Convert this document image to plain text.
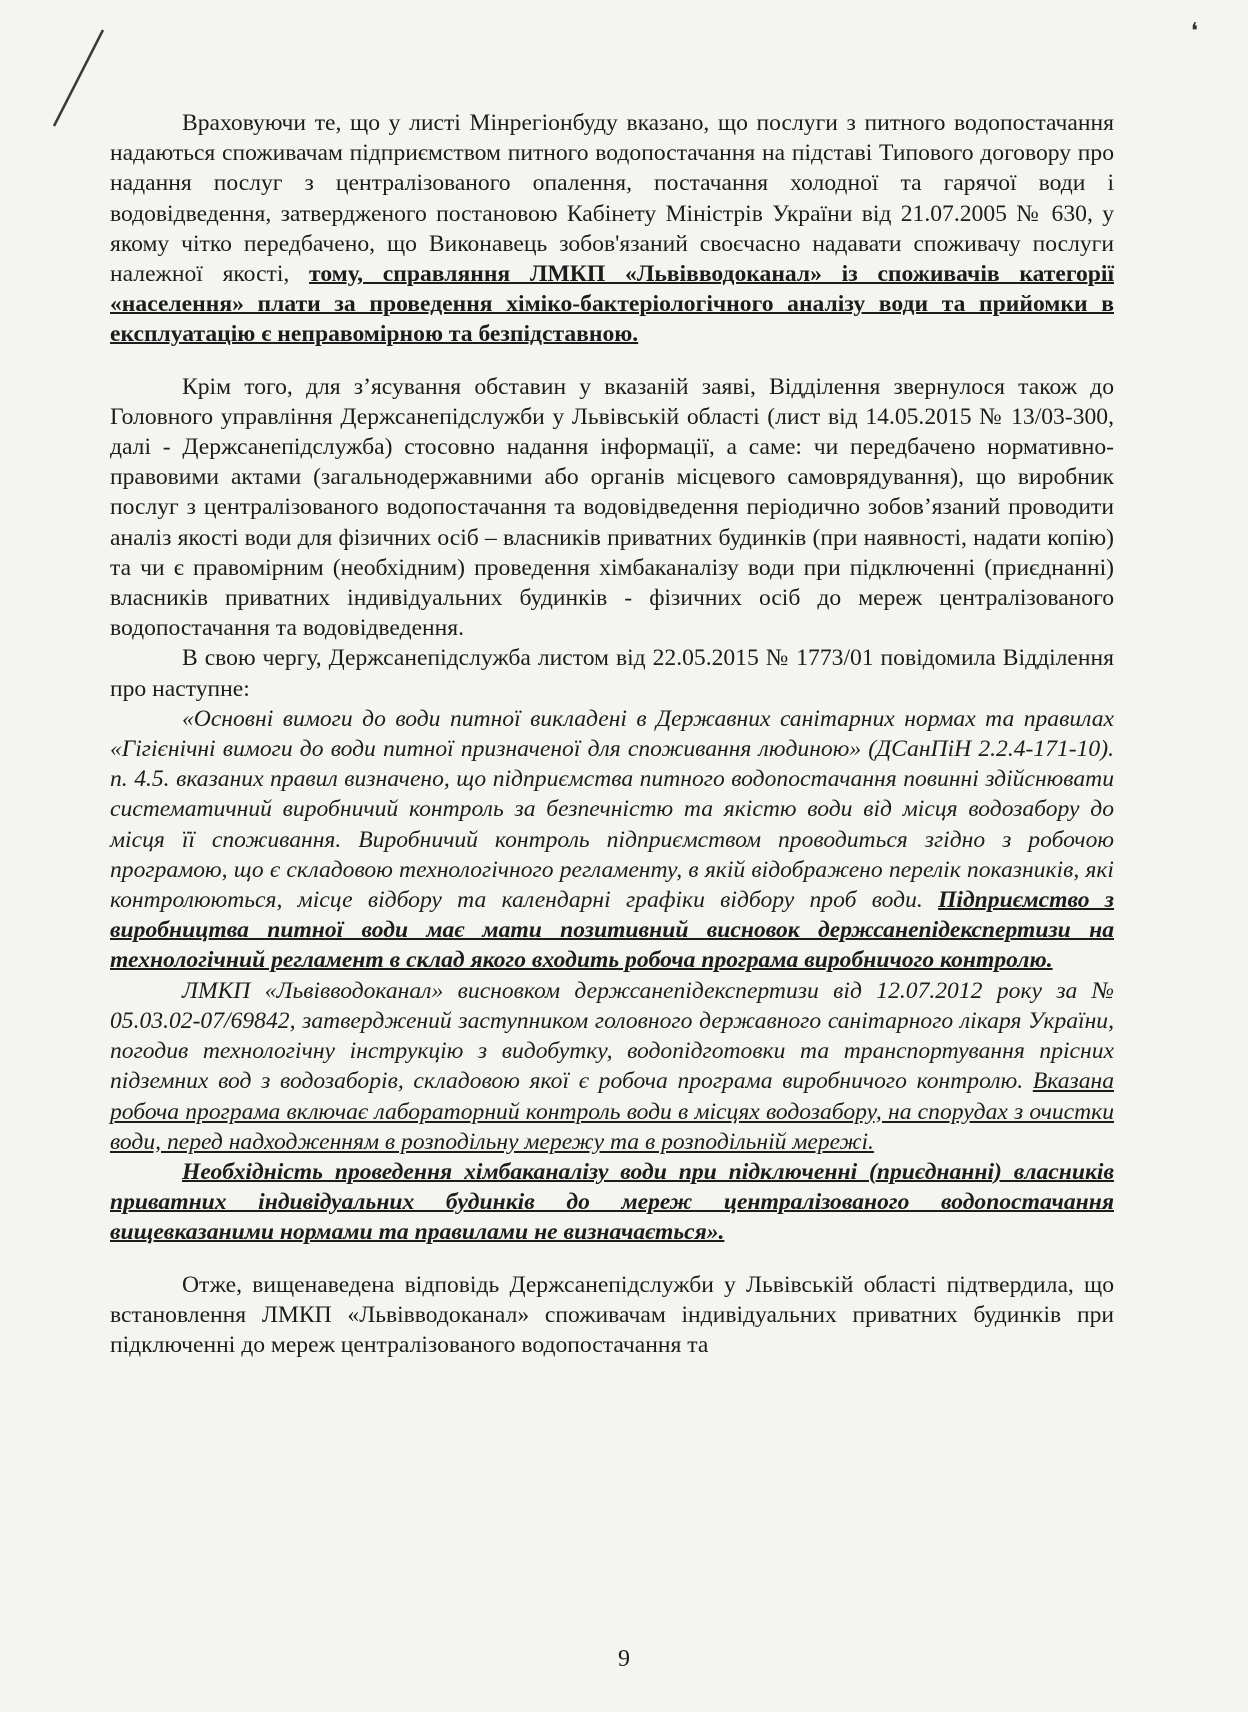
❛

Враховуючи те, що у листі Мінрегіонбуду вказано, що послуги з питного водопостачання надаються споживачам підприємством питного водопостачання на підставі Типового договору про надання послуг з централізованого опалення, постачання холодної та гарячої води і водовідведення, затвердженого постановою Кабінету Міністрів України від 21.07.2005 № 630, у якому чітко передбачено, що Виконавець зобов'язаний своєчасно надавати споживачу послуги належної якості, тому, справляння ЛМКП «Львівводоканал» із споживачів категорії «населення» плати за проведення хіміко-бактеріологічного аналізу води та прийомки в експлуатацію є неправомірною та безпідставною.

Крім того, для з’ясування обставин у вказаній заяві, Відділення звернулося також до Головного управління Держсанепідслужби у Львівській області (лист від 14.05.2015 № 13/03-300, далі - Держсанепідслужба) стосовно надання інформації, а саме: чи передбачено нормативно-правовими актами (загальнодержавними або органів місцевого самоврядування), що виробник послуг з централізованого водопостачання та водовідведення періодично зобов’язаний проводити аналіз якості води для фізичних осіб – власників приватних будинків (при наявності, надати копію) та чи є правомірним (необхідним) проведення хімбаканалізу води при підключенні (приєднанні) власників приватних індивідуальних будинків - фізичних осіб до мереж централізованого водопостачання та водовідведення.

В свою чергу, Держсанепідслужба листом від 22.05.2015 № 1773/01 повідомила Відділення про наступне:

«Основні вимоги до води питної викладені в Державних санітарних нормах та правилах «Гігієнічні вимоги до води питної призначеної для споживання людиною» (ДСанПіН 2.2.4-171-10). п. 4.5. вказаних правил визначено, що підприємства питного водопостачання повинні здійснювати систематичний виробничий контроль за безпечністю та якістю води від місця водозабору до місця її споживання. Виробничий контроль підприємством проводиться згідно з робочою програмою, що є складовою технологічного регламенту, в якій відображено перелік показників, які контролюються, місце відбору та календарні графіки відбору проб води. Підприємство з виробництва питної води має мати позитивний висновок держсанепідекспертизи на технологічний регламент в склад якого входить робоча програма виробничого контролю.

ЛМКП «Львівводоканал» висновком держсанепідекспертизи від 12.07.2012 року за № 05.03.02-07/69842, затверджений заступником головного державного санітарного лікаря України, погодив технологічну інструкцію з видобутку, водопідготовки та транспортування прісних підземних вод з водозаборів, складовою якої є робоча програма виробничого контролю. Вказана робоча програма включає лабораторний контроль води в місцях водозабору, на спорудах з очистки води, перед надходженням в розподільну мережу та в розподільній мережі.

Необхідність проведення хімбаканалізу води при підключенні (приєднанні) власників приватних індивідуальних будинків до мереж централізованого водопостачання вищевказаними нормами та правилами не визначається».

Отже, вищенаведена відповідь Держсанепідслужби у Львівській області підтвердила, що встановлення ЛМКП «Львівводоканал» споживачам індивідуальних приватних будинків при підключенні до мереж централізованого водопостачання та

9
